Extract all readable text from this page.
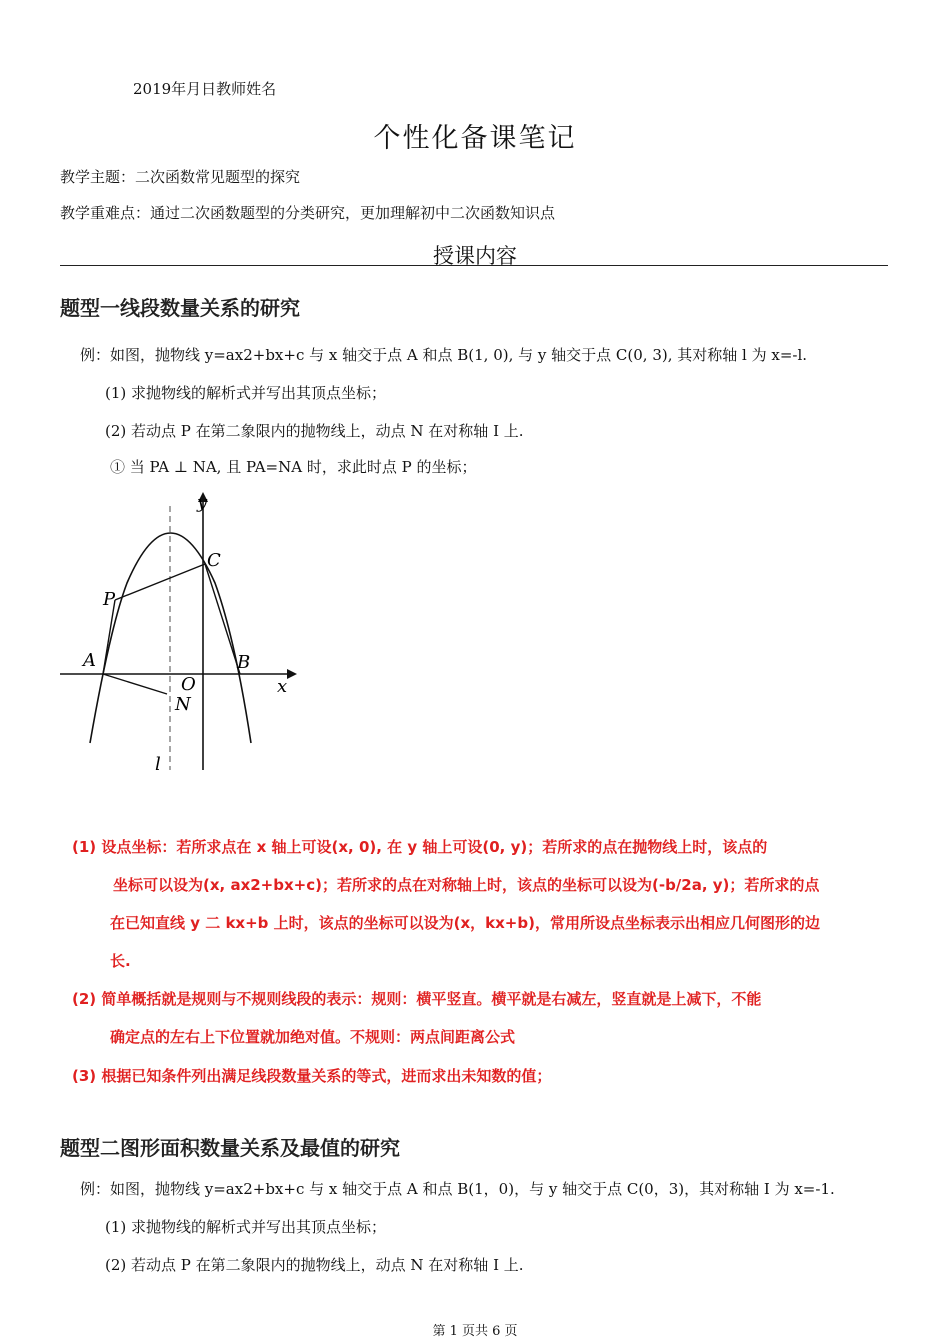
2019年月日教师姓名
个性化备课笔记
教学主题：二次函数常见题型的探究
教学重难点：通过二次函数题型的分类研究，更加理解初中二次函数知识点
授课内容
题型一线段数量关系的研究
例：如图，抛物线 y=ax2+bx+c 与 x 轴交于点 A 和点 B(1, 0), 与 y 轴交于点 C(0, 3), 其对称轴 l 为 x=-l.
(1) 求抛物线的解析式并写出其顶点坐标；
(2) 若动点 P 在第二象限内的抛物线上，动点 N 在对称轴 I 上.
① 当 PA ⊥ NA, 且 PA=NA 时，求此时点 P 的坐标；
y
x
O
A	B
C
P
N
l
(1) 设点坐标：若所求点在 x 轴上可设(x, 0), 在 y 轴上可设(0, y)；若所求的点在抛物线上时，该点的
坐标可以设为(x, ax2+bx+c)；若所求的点在对称轴上时，该点的坐标可以设为(-b/2a, y)；若所求的点
在已知直线 y 二 kx+b 上时，该点的坐标可以设为(x，kx+b)，常用所设点坐标表示出相应几何图形的边
长.
(2) 简单概括就是规则与不规则线段的表示：规则：横平竖直。横平就是右减左，竖直就是上减下，不能
确定点的左右上下位置就加绝对值。不规则：两点间距离公式
(3) 根据已知条件列出满足线段数量关系的等式，进而求出未知数的值；
题型二图形面积数量关系及最值的研究
例：如图，抛物线 y=ax2+bx+c 与 x 轴交于点 A 和点 B(1，0)，与 y 轴交于点 C(0，3)，其对称轴 I 为 x=-1.
(1) 求抛物线的解析式并写出其顶点坐标；
(2) 若动点 P 在第二象限内的抛物线上，动点 N 在对称轴 I 上.
第 1 页共 6 页
